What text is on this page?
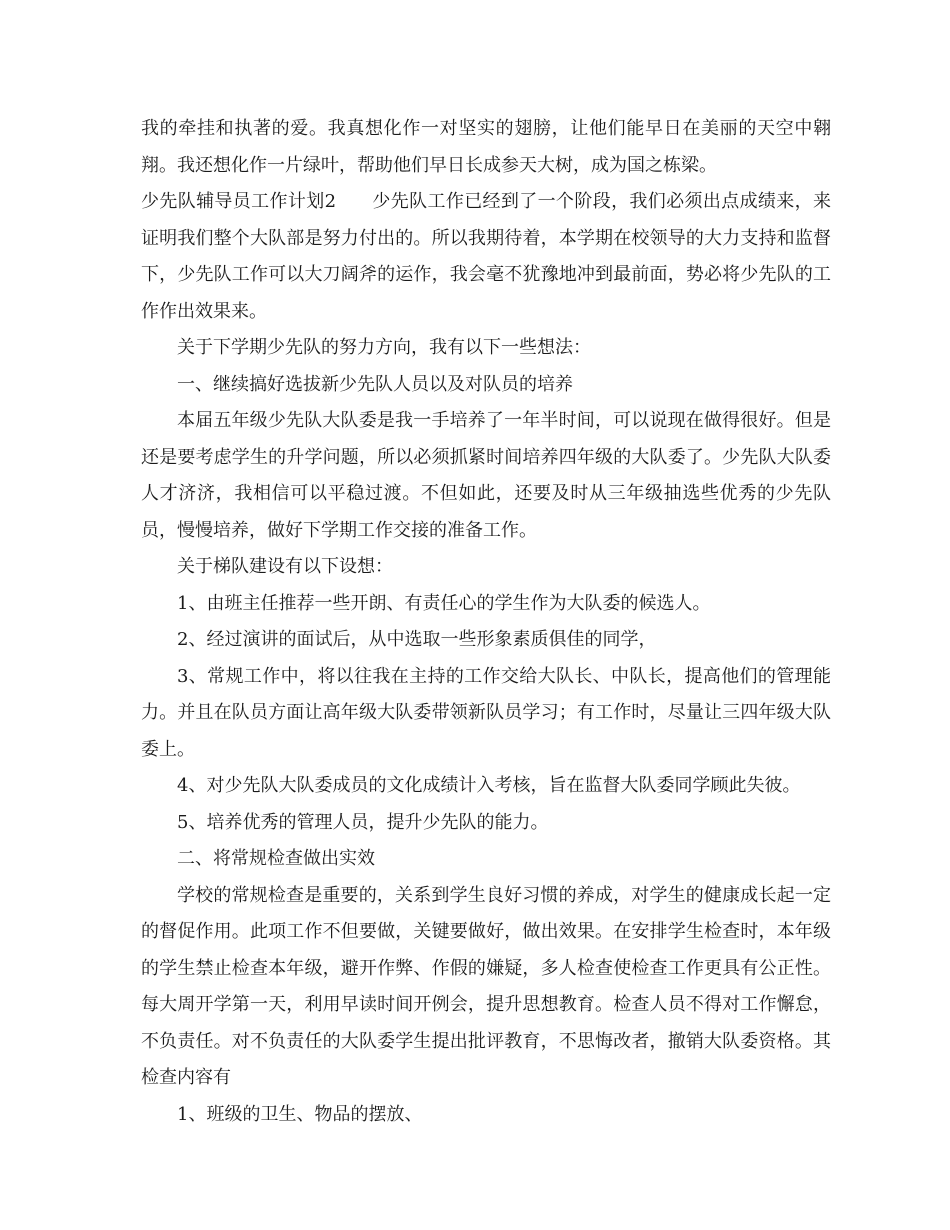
我的牵挂和执著的爱。我真想化作一对坚实的翅膀，让他们能早日在美丽的天空中翱翔。我还想化作一片绿叶，帮助他们早日长成参天大树，成为国之栋梁。

少先队辅导员工作计划2 少先队工作已经到了一个阶段，我们必须出点成绩来，来证明我们整个大队部是努力付出的。所以我期待着，本学期在校领导的大力支持和监督下，少先队工作可以大刀阔斧的运作，我会毫不犹豫地冲到最前面，势必将少先队的工作作出效果来。

关于下学期少先队的努力方向，我有以下一些想法：

一、继续搞好选拔新少先队人员以及对队员的培养

本届五年级少先队大队委是我一手培养了一年半时间，可以说现在做得很好。但是还是要考虑学生的升学问题，所以必须抓紧时间培养四年级的大队委了。少先队大队委人才济济，我相信可以平稳过渡。不但如此，还要及时从三年级抽选些优秀的少先队员，慢慢培养，做好下学期工作交接的准备工作。

关于梯队建设有以下设想：

1、由班主任推荐一些开朗、有责任心的学生作为大队委的候选人。

2、经过演讲的面试后，从中选取一些形象素质俱佳的同学，

3、常规工作中，将以往我在主持的工作交给大队长、中队长，提高他们的管理能力。并且在队员方面让高年级大队委带领新队员学习；有工作时，尽量让三四年级大队委上。

4、对少先队大队委成员的文化成绩计入考核，旨在监督大队委同学顾此失彼。

5、培养优秀的管理人员，提升少先队的能力。

二、将常规检查做出实效

学校的常规检查是重要的，关系到学生良好习惯的养成，对学生的健康成长起一定的督促作用。此项工作不但要做，关键要做好，做出效果。在安排学生检查时，本年级的学生禁止检查本年级，避开作弊、作假的嫌疑，多人检查使检查工作更具有公正性。每大周开学第一天，利用早读时间开例会，提升思想教育。检查人员不得对工作懈怠，不负责任。对不负责任的大队委学生提出批评教育，不思悔改者，撤销大队委资格。其检查内容有

1、班级的卫生、物品的摆放、
